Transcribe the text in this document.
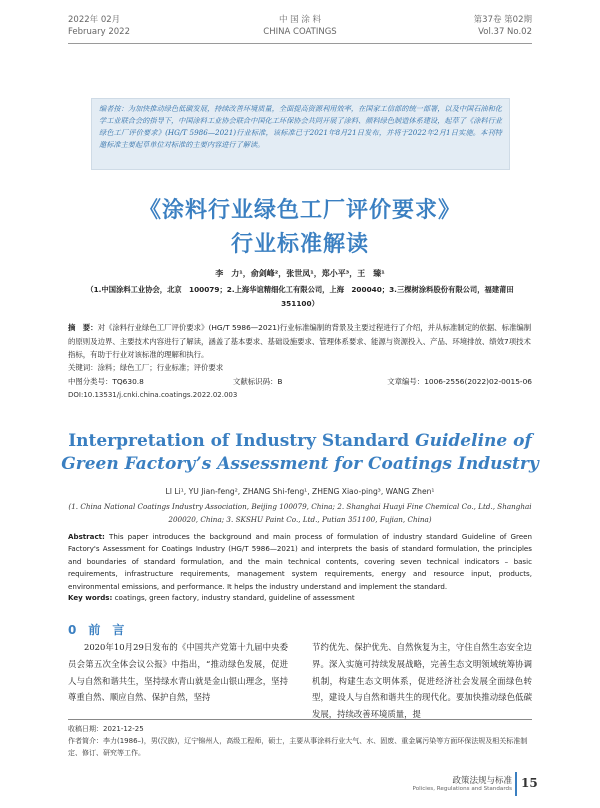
2022年 02月
February 2022
中 国 涂 料
CHINA COATINGS
第37卷 第02期
Vol.37 No.02
编者按：为加快推动绿色低碳发展，持续改善环境质量，全面提高资源利用效率，在国家工信部的统一部署，以及中国石油和化学工业联合会的指导下，中国涂料工业协会联合中国化工环保协会共同开展了涂料、颜料绿色制造体系建设，起草了《涂料行业绿色工厂评价要求》(HG/T 5986—2021)行业标准，该标准已于2021年8月21日发布，并将于2022年2月1日实施。本刊特邀标准主要起草单位对标准的主要内容进行了解读。
《涂料行业绿色工厂评价要求》
行业标准解读
李　力¹，俞剑峰²，张世凤¹，郑小平³，王　臻¹
（1.中国涂料工业协会，北京　100079；2.上海华谊精细化工有限公司，上海　200040；3.三棵树涂料股份有限公司，福建莆田 351100）
摘　要：对《涂料行业绿色工厂评价要求》(HG/T 5986—2021)行业标准编制的背景及主要过程进行了介绍，并从标准制定的依据、标准编制的原则及边界、主要技术内容进行了解读，涵盖了基本要求、基础设施要求、管理体系要求、能源与资源投入、产品、环境排放、绩效7项技术指标，有助于行业对该标准的理解和执行。
关键词：涂料；绿色工厂；行业标准；评价要求
中图分类号：TQ630.8	文献标识码：B	文章编号：1006-2556(2022)02-0015-06
DOI:10.13531/j.cnki.china.coatings.2022.02.003
Interpretation of Industry Standard Guideline of
Green Factory’s Assessment for Coatings Industry
LI Li¹, YU Jian-feng², ZHANG Shi-feng¹, ZHENG Xiao-ping³, WANG Zhen¹
(1. China National Coatings Industry Association, Beijing 100079, China; 2. Shanghai Huayi Fine Chemical Co., Ltd., Shanghai 200020, China; 3. SKSHU Paint Co., Ltd., Putian 351100, Fujian, China)
Abstract: This paper introduces the background and main process of formulation of industry standard Guideline of Green Factory's Assessment for Coatings Industry (HG/T 5986—2021) and interprets the basis of standard formulation, the principles and boundaries of standard formulation, and the main technical contents, covering seven technical indicators – basic requirements, infrastructure requirements, management system requirements, energy and resource input, products, environmental emissions, and performance. It helps the industry understand and implement the standard.
Key words: coatings, green factory, industry standard, guideline of assessment
0 前　言
2020年10月29日发布的《中国共产党第十九届中央委员会第五次全体会议公报》中指出，“推动绿色发展，促进人与自然和谐共生，坚持绿水青山就是金山银山理念，坚持尊重自然、顺应自然、保护自然，坚持
节约优先、保护优先、自然恢复为主，守住自然生态安全边界。深入实施可持续发展战略，完善生态文明领域统筹协调机制，构建生态文明体系，促进经济社会发展全面绿色转型，建设人与自然和谐共生的现代化。要加快推动绿色低碳发展，持续改善环境质量，提
收稿日期：2021-12-25
作者简介：李力(1986–)，男(汉族)，辽宁锦州人，高级工程师，硕士，主要从事涂料行业大气、水、固废、重金属污染等方面环保法规及相关标准制定、修订、研究等工作。
政策法规与标准
Policies, Regulations and Standards 15
